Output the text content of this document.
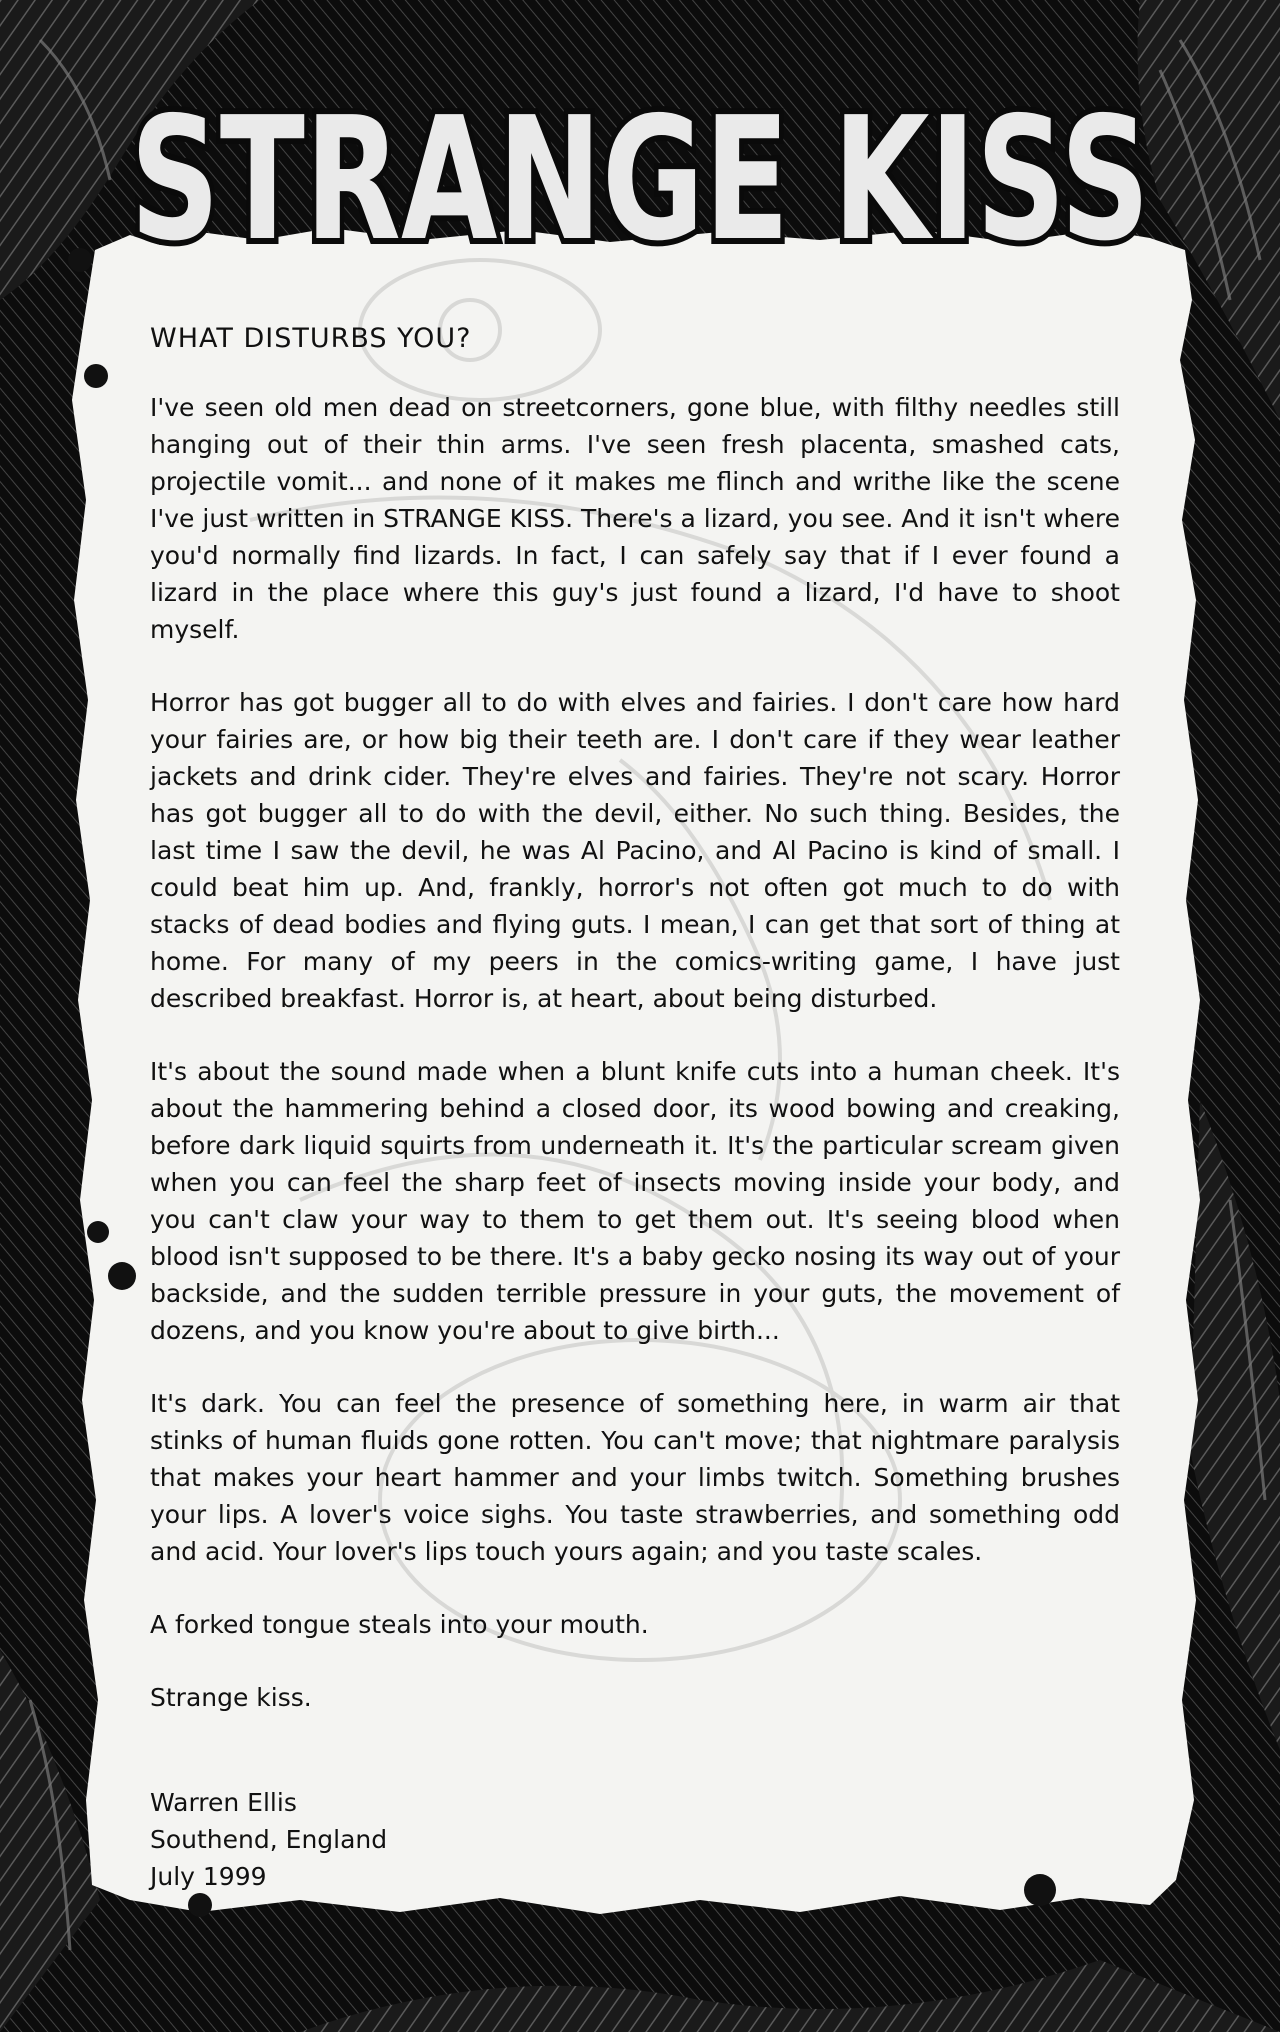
STRANGE KISS

WHAT DISTURBS YOU?

I've seen old men dead on streetcorners, gone blue, with filthy needles still hanging out of their thin arms. I've seen fresh placenta, smashed cats, projectile vomit... and none of it makes me flinch and writhe like the scene I've just written in STRANGE KISS. There's a lizard, you see. And it isn't where you'd normally find lizards. In fact, I can safely say that if I ever found a lizard in the place where this guy's just found a lizard, I'd have to shoot myself.

Horror has got bugger all to do with elves and fairies. I don't care how hard your fairies are, or how big their teeth are. I don't care if they wear leather jackets and drink cider. They're elves and fairies. They're not scary. Horror has got bugger all to do with the devil, either. No such thing. Besides, the last time I saw the devil, he was Al Pacino, and Al Pacino is kind of small. I could beat him up. And, frankly, horror's not often got much to do with stacks of dead bodies and flying guts. I mean, I can get that sort of thing at home. For many of my peers in the comics-writing game, I have just described breakfast. Horror is, at heart, about being disturbed.

It's about the sound made when a blunt knife cuts into a human cheek. It's about the hammering behind a closed door, its wood bowing and creaking, before dark liquid squirts from underneath it. It's the particular scream given when you can feel the sharp feet of insects moving inside your body, and you can't claw your way to them to get them out. It's seeing blood when blood isn't supposed to be there. It's a baby gecko nosing its way out of your backside, and the sudden terrible pressure in your guts, the movement of dozens, and you know you're about to give birth...

It's dark. You can feel the presence of something here, in warm air that stinks of human fluids gone rotten. You can't move; that nightmare paralysis that makes your heart hammer and your limbs twitch. Something brushes your lips. A lover's voice sighs. You taste strawberries, and something odd and acid. Your lover's lips touch yours again; and you taste scales.

A forked tongue steals into your mouth.

Strange kiss.

Warren Ellis
Southend, England
July 1999
